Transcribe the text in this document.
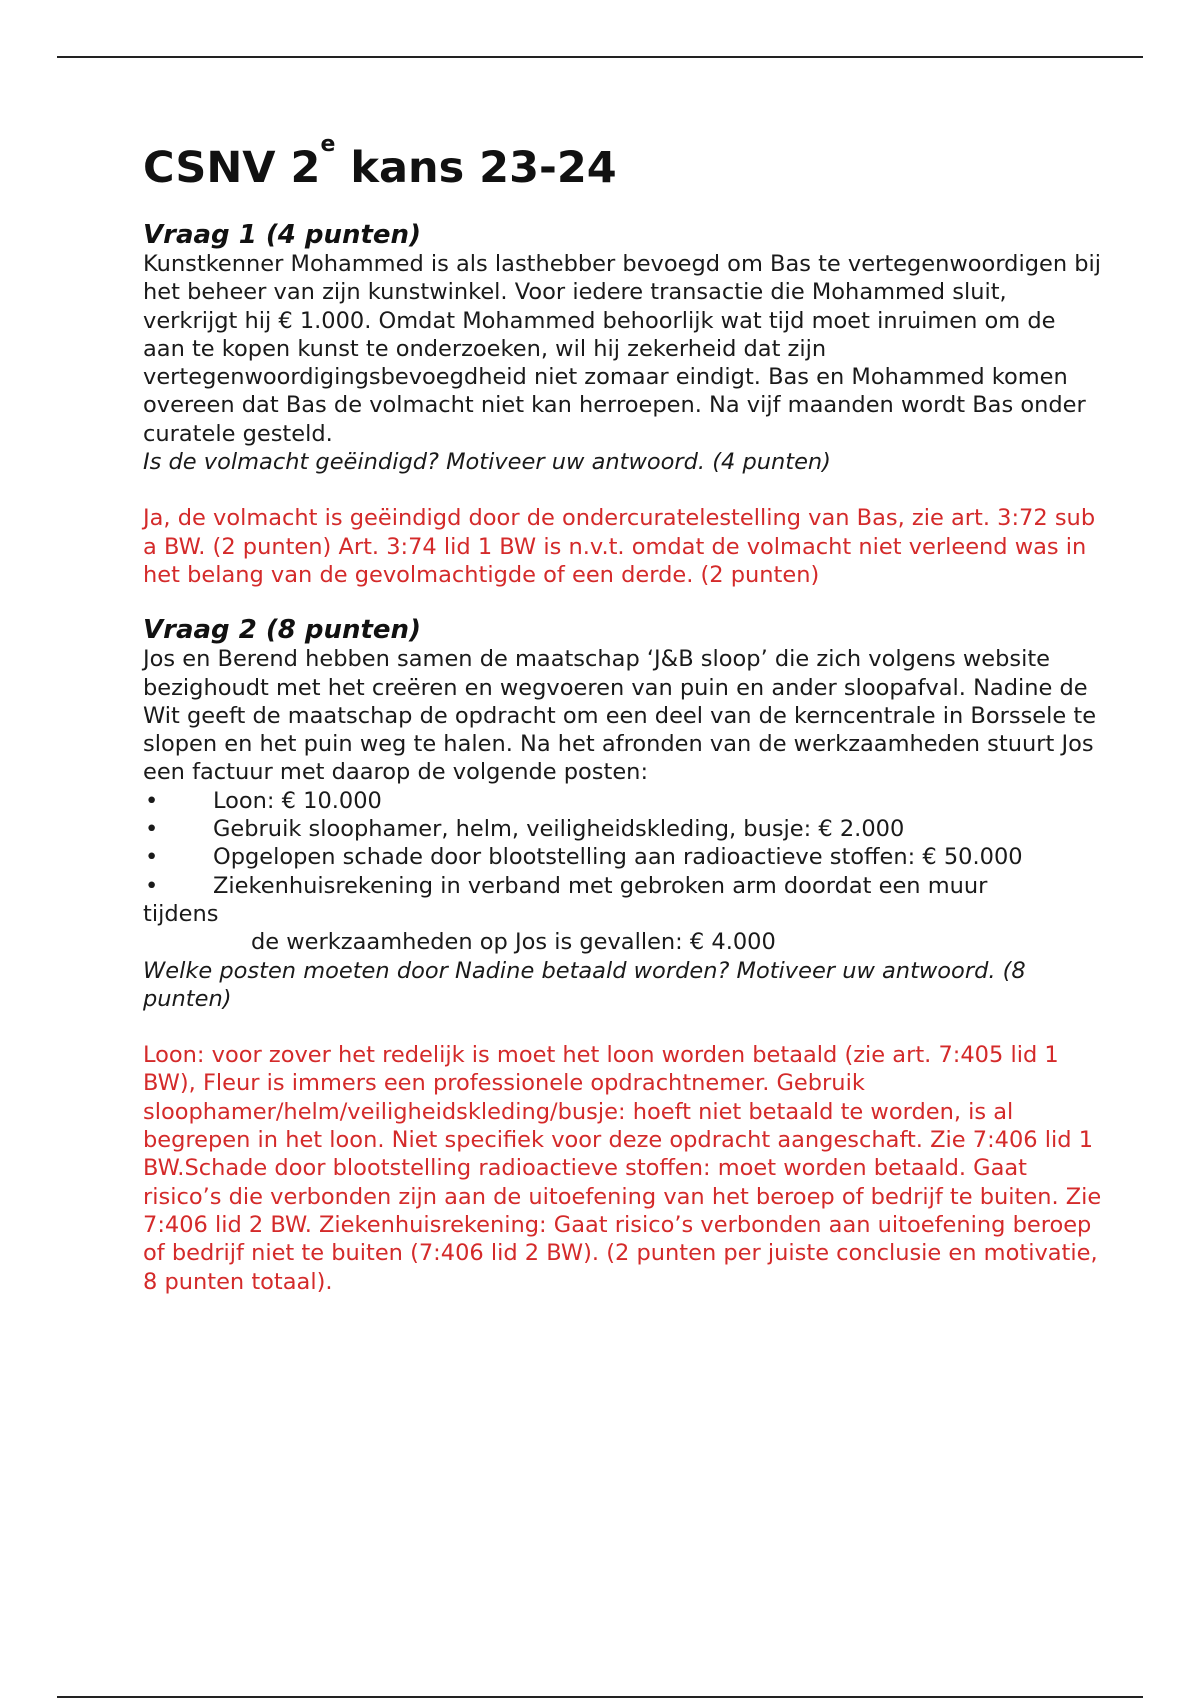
CSNV 2e kans 23-24
Vraag 1 (4 punten)

Kunstkenner Mohammed is als lasthebber bevoegd om Bas te vertegenwoordigen bij het beheer van zijn kunstwinkel. Voor iedere transactie die Mohammed sluit, verkrijgt hij € 1.000. Omdat Mohammed behoorlijk wat tijd moet inruimen om de aan te kopen kunst te onderzoeken, wil hij zekerheid dat zijn vertegenwoordigingsbevoegdheid niet zomaar eindigt. Bas en Mohammed komen overeen dat Bas de volmacht niet kan herroepen. Na vijf maanden wordt Bas onder curatele gesteld.

Is de volmacht geëindigd? Motiveer uw antwoord. (4 punten)

Ja, de volmacht is geëindigd door de ondercuratelestelling van Bas, zie art. 3:72 sub a BW. (2 punten) Art. 3:74 lid 1 BW is n.v.t. omdat de volmacht niet verleend was in het belang van de gevolmachtigde of een derde. (2 punten)

Vraag 2 (8 punten)

Jos en Berend hebben samen de maatschap ‘J&B sloop’ die zich volgens website bezighoudt met het creëren en wegvoeren van puin en ander sloopafval. Nadine de Wit geeft de maatschap de opdracht om een deel van de kerncentrale in Borssele te slopen en het puin weg te halen. Na het afronden van de werkzaamheden stuurt Jos een factuur met daarop de volgende posten:

• Loon: € 10.000
• Gebruik sloophamer, helm, veiligheidskleding, busje: € 2.000
• Opgelopen schade door blootstelling aan radioactieve stoffen: € 50.000
• Ziekenhuisrekening in verband met gebroken arm doordat een muur
tijdens
de werkzaamheden op Jos is gevallen: € 4.000

Welke posten moeten door Nadine betaald worden? Motiveer uw antwoord. (8 punten)

Loon: voor zover het redelijk is moet het loon worden betaald (zie art. 7:405 lid 1 BW), Fleur is immers een professionele opdrachtnemer. Gebruik sloophamer/helm/veiligheidskleding/busje: hoeft niet betaald te worden, is al begrepen in het loon. Niet specifiek voor deze opdracht aangeschaft. Zie 7:406 lid 1 BW.Schade door blootstelling radioactieve stoffen: moet worden betaald. Gaat risico’s die verbonden zijn aan de uitoefening van het beroep of bedrijf te buiten. Zie 7:406 lid 2 BW. Ziekenhuisrekening: Gaat risico’s verbonden aan uitoefening beroep of bedrijf niet te buiten (7:406 lid 2 BW). (2 punten per juiste conclusie en motivatie, 8 punten totaal).
